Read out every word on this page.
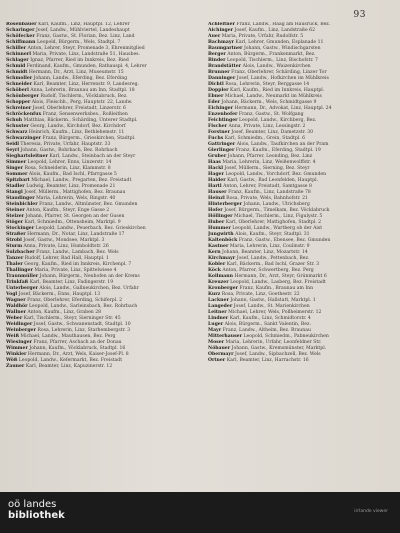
93

Rosenbauer Karl, Kaufm., Linz, Hauptpl. 12, Lehrer

Scharinger Josef, Landw., Mühlviertel, Landeshaupt

Schöfecker Franz, Gastw., St. Florian, Bez. Linz, Land

Schiffmann Leopold, Bürgerm., Wels, Stadtpl. 7

Schiller Anton, Lehrer, Steyr, Promenade 3, Ehrenmitglied

Schinnerl Maria, Private, Linz, Landstraße 51, Hausbes.

Schlager Ignaz, Pfarrer, Ried im Innkreis, Bez. Ried

Schmid Ferdinand, Kaufm., Gmunden, Rathauspl. 4, Lehrer

Schmidt Hermann, Dr., Arzt, Linz, Museumstr. 15

Schmoller Johann, Landw., Eferding, Bez. Eferding

Schneider Karl, Beamter, Linz, Herrenstr. 9, Landesreg.

Schöberl Anna, Lehrerin, Braunau am Inn, Stadtpl. 18

Schönberger Rudolf, Tischlerm., Vöcklabruck, Bez.

Schopper Alois, Fleischh., Perg, Hauptstr. 22, Landw.

Schreiner Josef, Oberlehrer, Freistadt, Linzerstr. 6

Schröckenfux Franz, Sensenwerksbes., Roßleithen

Schuh Matthias, Bäckerm., Schärding, Unterer Stadtpl.

Schuster Georg, Landw., Kirchdorf, Bez. Kirchdorf

Schwarz Heinrich, Kaufm., Linz, Bethlehemstr. 11

Schwarzinger Franz, Bürgerm., Grieskirchen, Stadtpl.

Seidl Theresia, Private, Urfahr, Hauptstr. 33

Seyrl Johann, Gastw., Rohrbach, Bez. Rohrbach

Sieghartsleitner Karl, Landw., Steinbach an der Steyr

Simmer Leopold, Lehrer, Enns, Linzerstr. 14

Singer Rosa, Schneiderin, Linz, Klammstr. 8

Sommer Alois, Kaufm., Bad Ischl, Pfarrgasse 5

Spitzbart Michael, Landw., Pregarten, Bez. Freistadt

Stadler Ludwig, Beamter, Linz, Promenade 21

Stangl Josef, Müllerm., Mattighofen, Bez. Braunau

Staudinger Maria, Lehrerin, Wels, Ringstr. 40

Steinbichler Franz, Landw., Altmünster, Bez. Gmunden

Steiner Anton, Kaufm., Steyr, Enge Gasse 2

Stelzer Johann, Pfarrer, St. Georgen an der Gusen

Stöger Karl, Schmiedm., Ottensheim, Marktpl. 9

Stockinger Leopold, Landw., Peuerbach, Bez. Grieskirchen

Straßer Hermann, Dr., Notar, Linz, Landstraße 17

Strobl Josef, Gastw., Mondsee, Marktpl. 3

Sturm Anna, Private, Linz, Humboldtstr. 26

Sulzbacher Franz, Landw., Lambach, Bez. Wels

Tanzer Rudolf, Lehrer, Bad Hall, Hauptpl. 1

Thaler Georg, Kaufm., Ried im Innkreis, Kirchenpl. 7

Thallinger Maria, Private, Linz, Spittelwiese 4

Traunmüller Johann, Bürgerm., Neuhofen an der Krems

Trinkfaß Karl, Beamter, Linz, Fadingerstr. 19

Unterberger Alois, Landw., Gallneukirchen, Bez. Urfahr

Vogl Josef, Bäckerm., Enns, Hauptpl. 13

Wagner Franz, Oberlehrer, Eferding, Schiferpl. 2

Waldhör Leopold, Landw., Sarleinsbach, Bez. Rohrbach

Wallner Anton, Kaufm., Linz, Graben 28

Weber Karl, Tischlerm., Steyr, Sierninger Str. 45

Weidinger Josef, Gastw., Schwanenstadt, Stadtpl. 10

Weinberger Rosa, Lehrerin, Linz, Starhembergstr. 3

Weiß Michael, Landw., Mauthausen, Bez. Perg

Wiesinger Franz, Pfarrer, Aschach an der Donau

Wimmer Johann, Kaufm., Vöcklabruck, Stadtpl. 16

Winkler Hermann, Dr., Arzt, Wels, Kaiser-Josef-Pl. 8

Wöß Leopold, Landw., Kefermarkt, Bez. Freistadt

Zauner Karl, Beamter, Linz, Kapuzinerstr. 12

Achleitner Franz, Landw., Haag am Hausruck, Bez.

Aichinger Josef, Kaufm., Linz, Landstraße 62

Auer Maria, Private, Urfahr, Rudolfstr. 5

Bachmayr Karl, Lehrer, Gmunden, Esplanade 11

Baumgartner Johann, Gastw., Windischgarsten

Berger Anton, Bürgerm., Frankenmarkt, Bez.

Binder Leopold, Tischlerm., Linz, Bischofstr. 7

Brandstätter Alois, Landw., Waizenkirchen

Brunner Franz, Oberlehrer, Schärding, Linzer Tor

Danninger Josef, Landw., Hofkirchen im Mühlkreis

Dichtl Rosa, Lehrerin, Steyr, Berggasse 14

Doppler Karl, Kaufm., Ried im Innkreis, Hauptpl.

Ebner Michael, Landw., Neumarkt im Mühlkreis

Eder Johann, Bäckerm., Wels, Schmidtgasse 9

Eichinger Hermann, Dr., Advokat, Linz, Hauptpl. 24

Enzenhofer Franz, Gastw., St. Wolfgang

Feichtinger Leopold, Landw., Kirchberg, Bez.

Fischer Anna, Private, Linz, Lessingstr. 2

Forstner Josef, Beamter, Linz, Dametzstr. 30

Fuchs Karl, Schmiedm., Grein, Stadtpl. 6

Gattringer Alois, Landw., Taufkirchen an der Pram

Gierlinger Franz, Kaufm., Eferding, Stadtpl. 19

Gruber Johann, Pfarrer, Leonding, Bez. Linz

Haas Maria, Lehrerin, Linz, Weißenwolffstr. 4

Hackl Josef, Müllerm., Sierning, Bez. Steyr

Hager Leopold, Landw., Vorchdorf, Bez. Gmunden

Haider Karl, Gastw., Bad Leonfelden, Hauptpl.

Hartl Anton, Lehrer, Freistadt, Samtgasse 8

Hauser Franz, Kaufm., Linz, Landstraße 78

Heinzl Rosa, Private, Wels, Bahnhofstr. 21

Hinterberger Johann, Landw., Ulrichsberg

Hofer Josef, Bürgerm., Timelkam, Bez. Vöcklabruck

Höllinger Michael, Tischlerm., Linz, Figulystr. 5

Huber Karl, Oberlehrer, Mattighofen, Stadtpl. 2

Hummer Leopold, Landw., Wartberg ob der Aist

Jungwirth Alois, Kaufm., Steyr, Stadtpl. 31

Kaltenböck Franz, Gastw., Ebensee, Bez. Gmunden

Kastner Maria, Lehrerin, Linz, Coulinstr. 9

Kern Johann, Beamter, Linz, Mozartstr. 14

Kirchmayr Josef, Landw., Pettenbach, Bez.

Kobler Karl, Bäckerm., Bad Ischl, Grazer Str. 3

Köck Anton, Pfarrer, Schwertberg, Bez. Perg

Kollmann Hermann, Dr., Arzt, Steyr, Grünmarkt 6

Kreuzer Leopold, Landw., Lasberg, Bez. Freistadt

Kronberger Franz, Kaufm., Braunau am Inn

Kurz Rosa, Private, Linz, Goethestr. 22

Lackner Johann, Gastw., Hallstatt, Marktpl. 1

Langeder Josef, Landw., St. Marienkirchen

Leitner Michael, Lehrer, Wels, Pollheimerstr. 12

Lindner Karl, Kaufm., Linz, Schmidtorstr. 4

Luger Alois, Bürgerm., Sankt Valentin, Bez.

Mayr Franz, Landw., Altheim, Bez. Braunau

Mitterhauser Leopold, Schmiedm., Pabneukirchen

Moser Maria, Lehrerin, Urfahr, Leonfeldner Str.

Nöbauer Johann, Gastw., Kremsmünster, Marktpl.

Obermayr Josef, Landw., Sipbachzell, Bez. Wels

Ortner Karl, Beamter, Linz, Harrachstr. 16

oö landes
bibliothek	irrlande viewer
